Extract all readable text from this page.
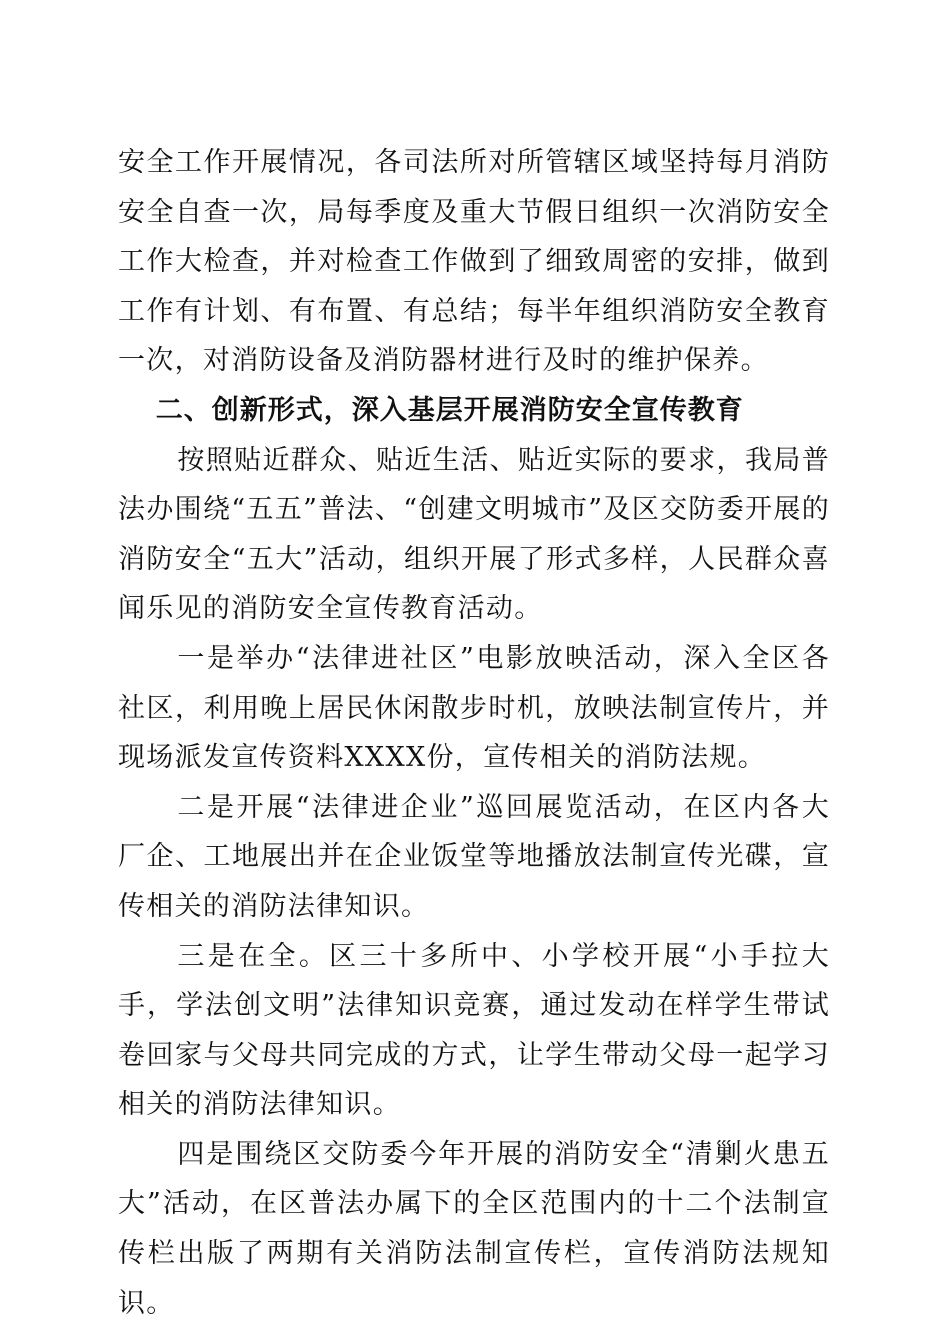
安全工作开展情况，各司法所对所管辖区域坚持每月消防安全自查一次，局每季度及重大节假日组织一次消防安全工作大检查，并对检查工作做到了细致周密的安排，做到工作有计划、有布置、有总结；每半年组织消防安全教育一次，对消防设备及消防器材进行及时的维护保养。

二、创新形式，深入基层开展消防安全宣传教育

按照贴近群众、贴近生活、贴近实际的要求，我局普法办围绕“五五”普法、“创建文明城市”及区交防委开展的消防安全“五大”活动，组织开展了形式多样，人民群众喜闻乐见的消防安全宣传教育活动。

一是举办“法律进社区”电影放映活动，深入全区各社区，利用晚上居民休闲散步时机，放映法制宣传片，并现场派发宣传资料XXXX份，宣传相关的消防法规。

二是开展“法律进企业”巡回展览活动，在区内各大厂企、工地展出并在企业饭堂等地播放法制宣传光碟，宣传相关的消防法律知识。

三是在全。区三十多所中、小学校开展“小手拉大手，学法创文明”法律知识竞赛，通过发动在样学生带试卷回家与父母共同完成的方式，让学生带动父母一起学习相关的消防法律知识。

四是围绕区交防委今年开展的消防安全“清剿火患五大”活动，在区普法办属下的全区范围内的十二个法制宣传栏出版了两期有关消防法制宣传栏，宣传消防法规知识。
